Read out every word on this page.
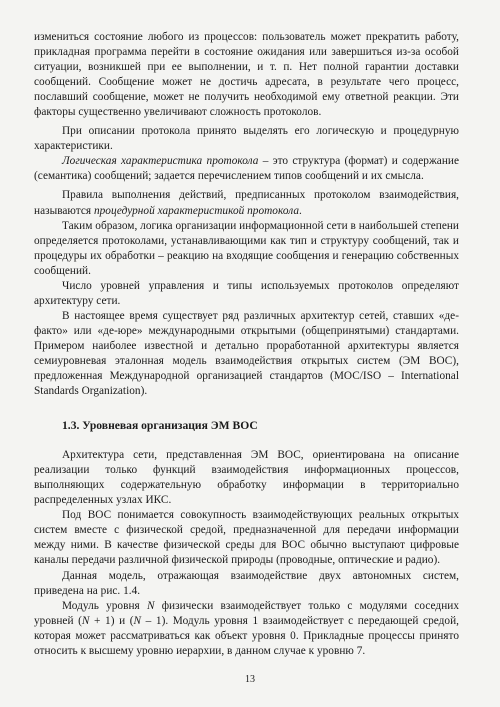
измениться состояние любого из процессов: пользователь может прекратить работу, прикладная программа перейти в состояние ожидания или завершиться из-за особой ситуации, возникшей при ее выполнении, и т. п. Нет полной гарантии доставки сообщений. Сообщение может не достичь адресата, в результате чего процесс, пославший сообщение, может не получить необходимой ему ответной реакции. Эти факторы существенно увеличивают сложность протоколов.

При описании протокола принято выделять его логическую и процедурную характеристики.

Логическая характеристика протокола – это структура (формат) и содержание (семантика) сообщений; задается перечислением типов сообщений и их смысла.

Правила выполнения действий, предписанных протоколом взаимодействия, называются процедурной характеристикой протокола.

Таким образом, логика организации информационной сети в наибольшей степени определяется протоколами, устанавливающими как тип и структуру сообщений, так и процедуры их обработки – реакцию на входящие сообщения и генерацию собственных сообщений.

Число уровней управления и типы используемых протоколов определяют архитектуру сети.

В настоящее время существует ряд различных архитектур сетей, ставших «де-факто» или «де-юре» международными открытыми (общепринятыми) стандартами. Примером наиболее известной и детально проработанной архитектуры является семиуровневая эталонная модель взаимодействия открытых систем (ЭМ ВОС), предложенная Международной организацией стандартов (МОС/ISO – International Standards Organization).

1.3. Уровневая организация ЭМ ВОС

Архитектура сети, представленная ЭМ ВОС, ориентирована на описание реализации только функций взаимодействия информационных процессов, выполняющих содержательную обработку информации в территориально распределенных узлах ИКС.

Под ВОС понимается совокупность взаимодействующих реальных открытых систем вместе с физической средой, предназначенной для передачи информации между ними. В качестве физической среды для ВОС обычно выступают цифровые каналы передачи различной физической природы (проводные, оптические и радио).

Данная модель, отражающая взаимодействие двух автономных систем, приведена на рис. 1.4.

Модуль уровня N физически взаимодействует только с модулями соседних уровней (N + 1) и (N – 1). Модуль уровня 1 взаимодействует с передающей средой, которая может рассматриваться как объект уровня 0. Прикладные процессы принято относить к высшему уровню иерархии, в данном случае к уровню 7.

13
